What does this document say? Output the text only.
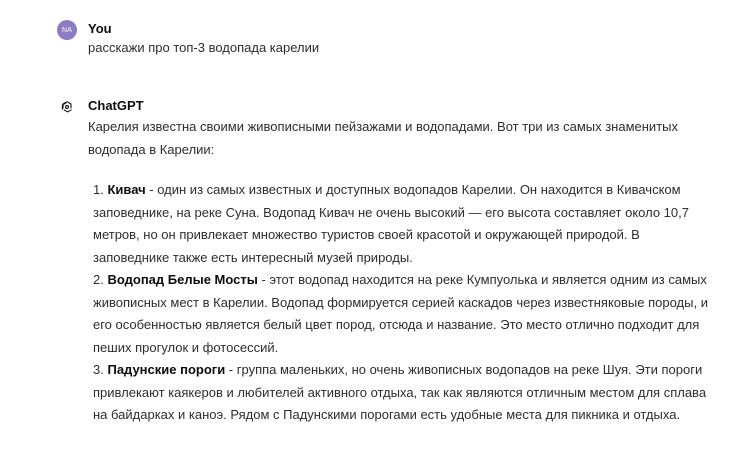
NA You

расскажи про топ-3 водопада карелии

ChatGPT

Карелия известна своими живописными пейзажами и водопадами. Вот три из самых знаменитых водопада в Карелии:

1. Кивач - один из самых известных и доступных водопадов Карелии. Он находится в Кивачском заповеднике, на реке Суна. Водопад Кивач не очень высокий — его высота составляет около 10,7 метров, но он привлекает множество туристов своей красотой и окружающей природой. В заповеднике также есть интересный музей природы.
2. Водопад Белые Мосты - этот водопад находится на реке Кумпуолька и является одним из самых живописных мест в Карелии. Водопад формируется серией каскадов через известняковые породы, и его особенностью является белый цвет пород, отсюда и название. Это место отлично подходит для пеших прогулок и фотосессий.
3. Падунские пороги - группа маленьких, но очень живописных водопадов на реке Шуя. Эти пороги привлекают каякеров и любителей активного отдыха, так как являются отличным местом для сплава на байдарках и каноэ. Рядом с Падунскими порогами есть удобные места для пикника и отдыха.
